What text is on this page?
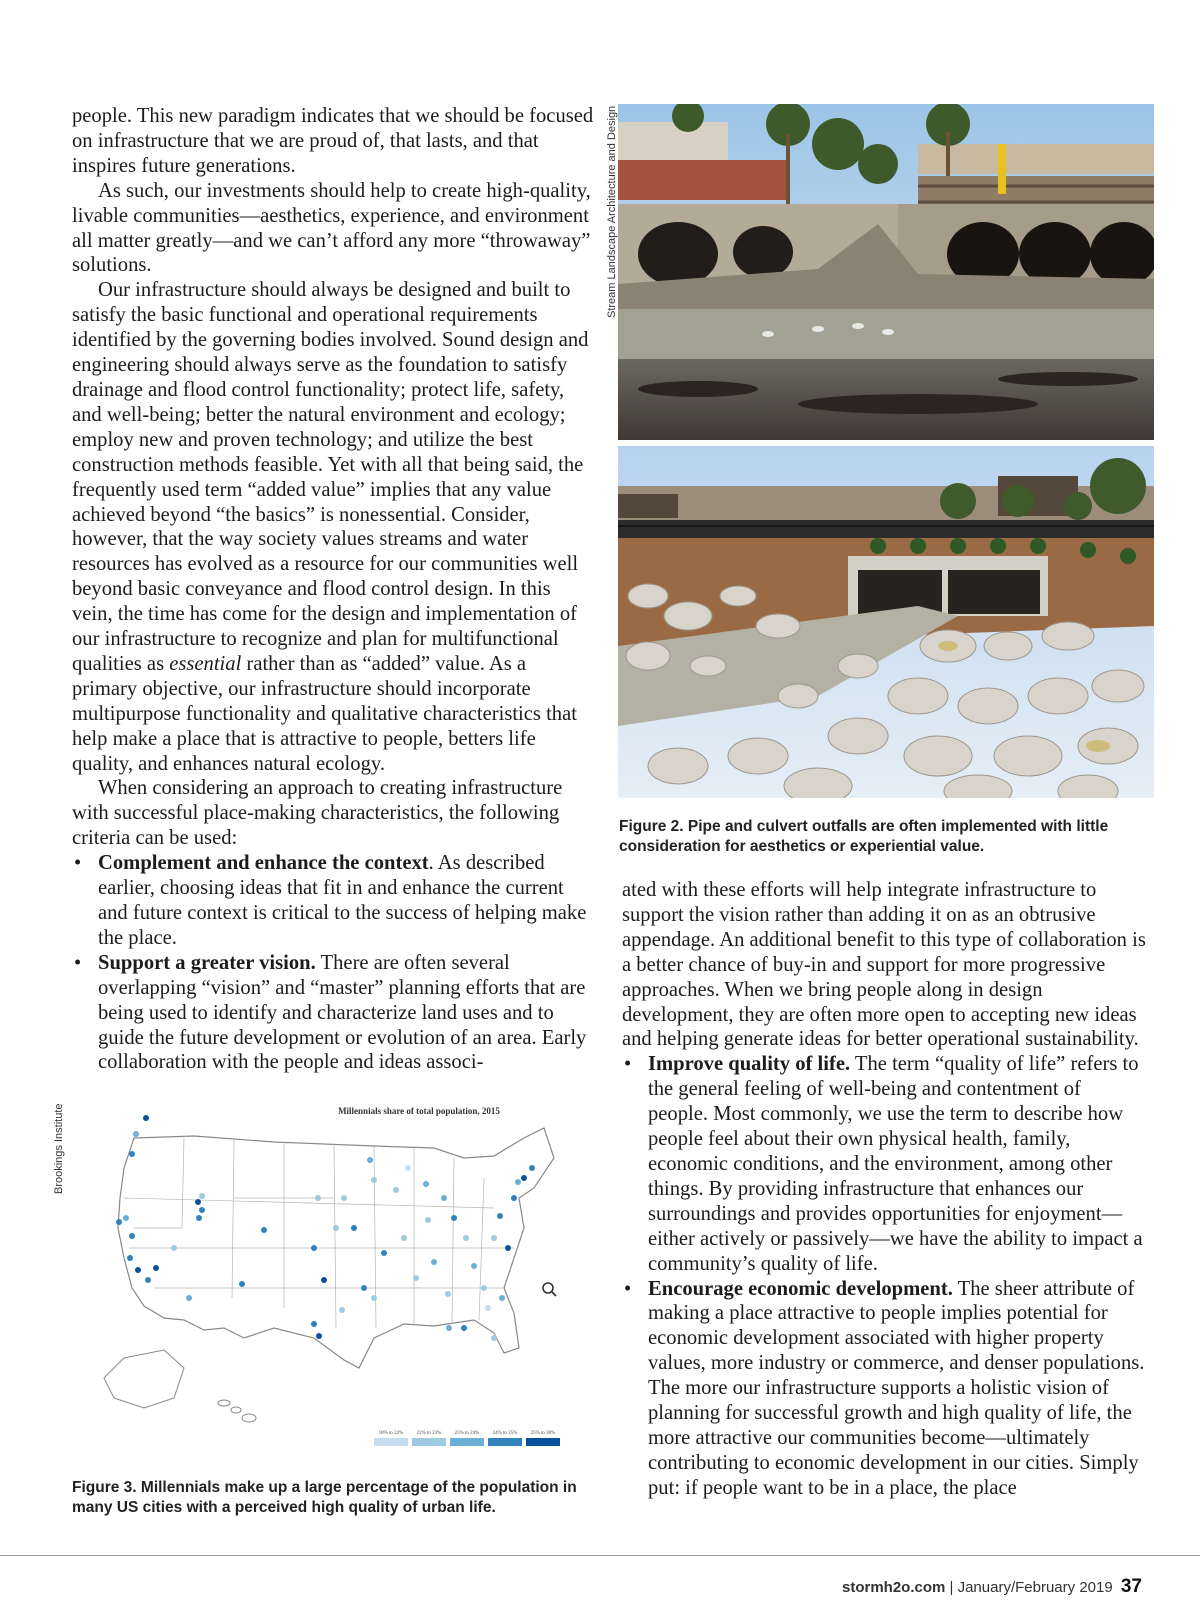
people. This new paradigm indicates that we should be focused on infrastructure that we are proud of, that lasts, and that inspires future generations.

As such, our investments should help to create high-quality, livable communities—aesthetics, experience, and environment all matter greatly—and we can’t afford any more “throwaway” solutions.

Our infrastructure should always be designed and built to satisfy the basic functional and operational requirements identified by the governing bodies involved. Sound design and engineering should always serve as the foundation to satisfy drainage and flood control functionality; protect life, safety, and well-being; better the natural environment and ecology; employ new and proven technology; and utilize the best construction methods feasible. Yet with all that being said, the frequently used term “added value” implies that any value achieved beyond “the basics” is nonessential. Consider, however, that the way society values streams and water resources has evolved as a resource for our communities well beyond basic conveyance and flood control design. In this vein, the time has come for the design and implementation of our infrastructure to recognize and plan for multifunctional qualities as essential rather than as “added” value. As a primary objective, our infrastructure should incorporate multipurpose functionality and qualitative characteristics that help make a place that is attractive to people, betters life quality, and enhances natural ecology.

When considering an approach to creating infrastructure with successful place-making characteristics, the following criteria can be used:

• Complement and enhance the context. As described earlier, choosing ideas that fit in and enhance the current and future context is critical to the success of helping make the place.
• Support a greater vision. There are often several overlapping “vision” and “master” planning efforts that are being used to identify and characterize land uses and to guide the future development or evolution of an area. Early collaboration with the people and ideas associ-
ated with these efforts will help integrate infrastructure to support the vision rather than adding it on as an obtrusive appendage. An additional benefit to this type of collaboration is a better chance of buy-in and support for more progressive approaches. When we bring people along in design development, they are often more open to accepting new ideas and helping generate ideas for better operational sustainability.
• Improve quality of life. The term “quality of life” refers to the general feeling of well-being and contentment of people. Most commonly, we use the term to describe how people feel about their own physical health, family, economic conditions, and the environment, among other things. By providing infrastructure that enhances our surroundings and provides opportunities for enjoyment—either actively or passively—we have the ability to impact a community’s quality of life.
• Encourage economic development. The sheer attribute of making a place attractive to people implies potential for economic development associated with higher property values, more industry or commerce, and denser populations. The more our infrastructure supports a holistic vision of planning for successful growth and high quality of life, the more attractive our communities become—ultimately contributing to economic development in our cities. Simply put: if people want to be in a place, the place
Stream Landscape Architecture and Design
Figure 2. Pipe and culvert outfalls are often implemented with little consideration for aesthetics or experiential value.
Brookings Institute	Millennials share of total population, 2015
18% to 22%	22% to 23%	23% to 24%	24% to 25%	25% to 30%
Figure 3. Millennials make up a large percentage of the population in many US cities with a perceived high quality of urban life.
stormh2o.com | January/February 2019 37
